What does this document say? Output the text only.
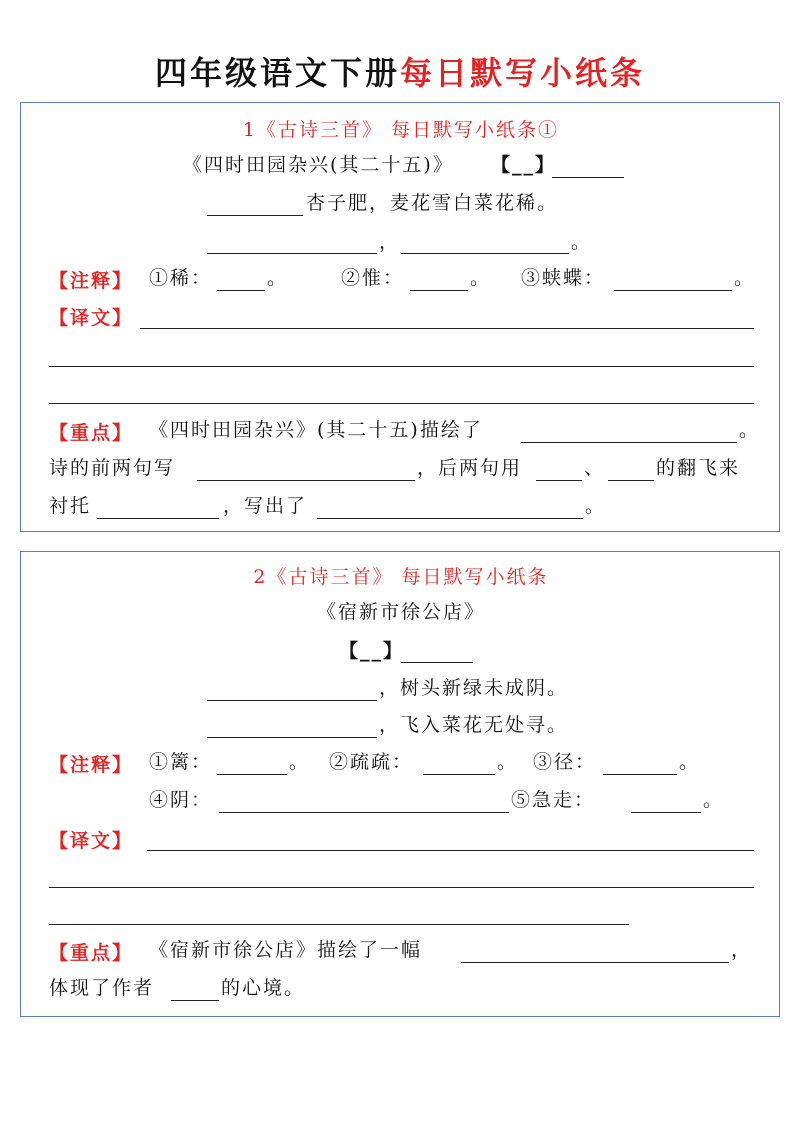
四年级语文下册每日默写小纸条
1《古诗三首》 每日默写小纸条①
《四时田园杂兴(其二十五)》 【__】
杏子肥，麦花雪白菜花稀。
，	。
【注释】 ①稀：	。	②惟：	。 ③蛱蝶：	。
【译文】
【重点】 《四时田园杂兴》(其二十五)描绘了	。
诗的前两句写	，后两句用	、	的翻飞来
衬托	，写出了	。
2《古诗三首》 每日默写小纸条
《宿新市徐公店》
【__】
，树头新绿未成阴。
，飞入菜花无处寻。
【注释】 ①篱：	。 ②疏疏：	。 ③径：	。
④阴：	⑤急走：	。
【译文】
【重点】 《宿新市徐公店》描绘了一幅	，
体现了作者	的心境。
